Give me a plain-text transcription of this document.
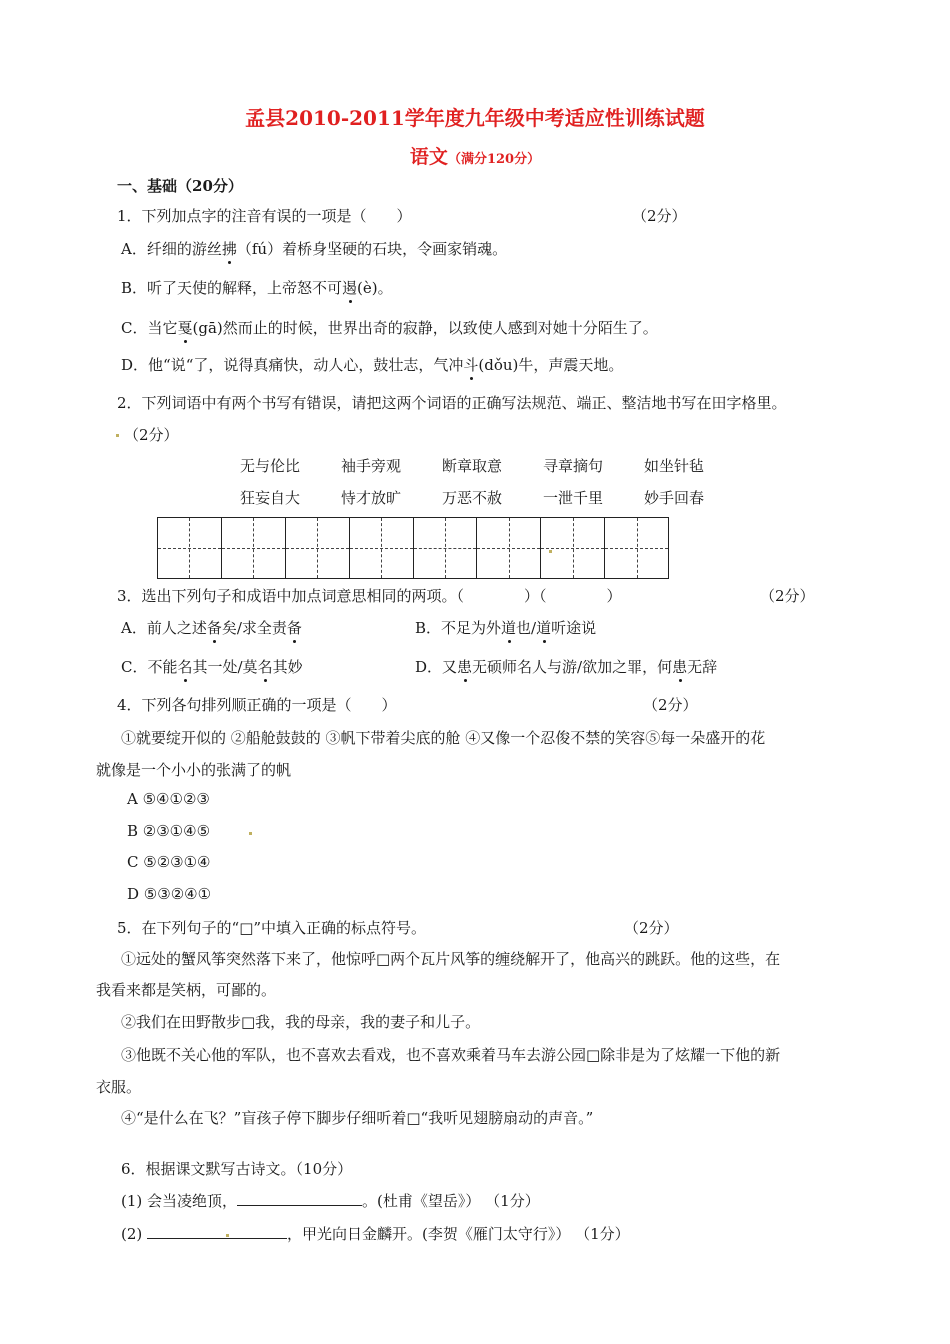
孟县2010-2011学年度九年级中考适应性训练试题
语文（满分120分）
一、基础（20分）
1．下列加点字的注音有误的一项是（　　）	（2分）
A．纤细的游丝拂（fú）着桥身坚硬的石块，令画家销魂。
B．听了天使的解释，上帝怒不可遏(è)。
C．当它戛(gā)然而止的时候，世界出奇的寂静，以致使人感到对她十分陌生了。
D．他“说“了，说得真痛快，动人心，鼓壮志，气冲斗(dǒu)牛，声震天地。
2．下列词语中有两个书写有错误，请把这两个词语的正确写法规范、端正、整洁地书写在田字格里。
（2分）
无与伦比	袖手旁观	断章取意	寻章摘句	如坐针毡
狂妄自大	恃才放旷	万恶不赦	一泄千里	妙手回春
3．选出下列句子和成语中加点词意思相同的两项。（　　　　）（　　　　）	（2分）
A．前人之述备矣/求全责备	B．不足为外道也/道听途说
C．不能名其一处/莫名其妙	D．又患无硕师名人与游/欲加之罪，何患无辞
4．下列各句排列顺正确的一项是（　　）	（2分）
①就要绽开似的 ②船舱鼓鼓的 ③帆下带着尖底的舱 ④又像一个忍俊不禁的笑容⑤每一朵盛开的花
就像是一个小小的张满了的帆
A ⑤④①②③
B ②③①④⑤
C ⑤②③①④
D ⑤③②④①
5．在下列句子的“□”中填入正确的标点符号。	（2分）
①远处的蟹风筝突然落下来了，他惊呼□两个瓦片风筝的缠绕解开了，他高兴的跳跃。他的这些，在
我看来都是笑柄，可鄙的。
②我们在田野散步□我，我的母亲，我的妻子和儿子。
③他既不关心他的军队，也不喜欢去看戏，也不喜欢乘着马车去游公园□除非是为了炫耀一下他的新
衣服。
④“是什么在飞？”盲孩子停下脚步仔细听着□“我听见翅膀扇动的声音。”
6．根据课文默写古诗文。（10分）
(1) 会当凌绝顶，	。(杜甫《望岳》） （1分）
(2)	，甲光向日金麟开。(李贺《雁门太守行》） （1分）
